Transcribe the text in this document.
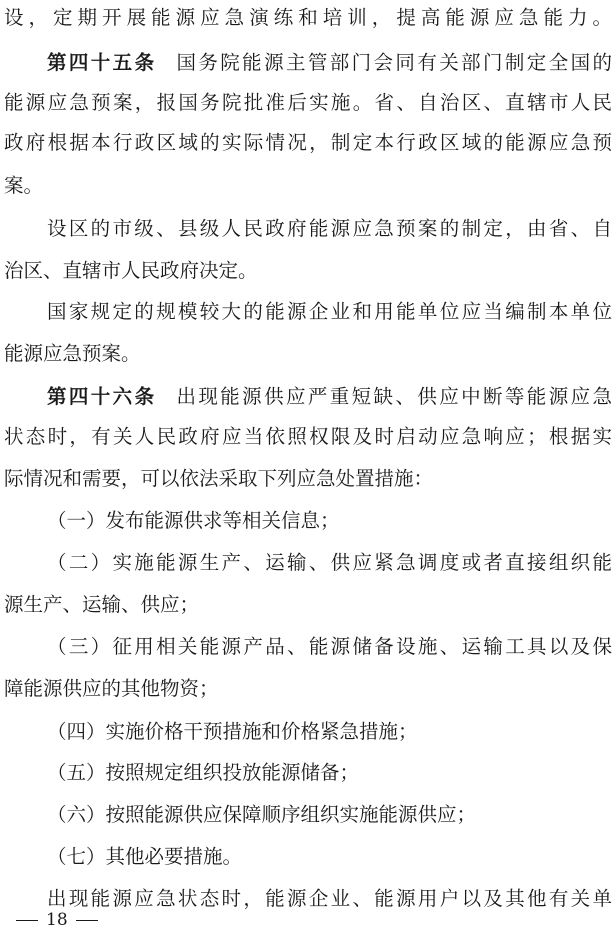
设，定期开展能源应急演练和培训，提高能源应急能力。
第四十五条 国务院能源主管部门会同有关部门制定全国的
能源应急预案，报国务院批准后实施。省、自治区、直辖市人民
政府根据本行政区域的实际情况，制定本行政区域的能源应急预
案。
设区的市级、县级人民政府能源应急预案的制定，由省、自
治区、直辖市人民政府决定。
国家规定的规模较大的能源企业和用能单位应当编制本单位
能源应急预案。
第四十六条 出现能源供应严重短缺、供应中断等能源应急
状态时，有关人民政府应当依照权限及时启动应急响应；根据实
际情况和需要，可以依法采取下列应急处置措施：
（一）发布能源供求等相关信息；
（二）实施能源生产、运输、供应紧急调度或者直接组织能
源生产、运输、供应；
（三）征用相关能源产品、能源储备设施、运输工具以及保
障能源供应的其他物资；
（四）实施价格干预措施和价格紧急措施；
（五）按照规定组织投放能源储备；
（六）按照能源供应保障顺序组织实施能源供应；
（七）其他必要措施。
出现能源应急状态时，能源企业、能源用户以及其他有关单
18
